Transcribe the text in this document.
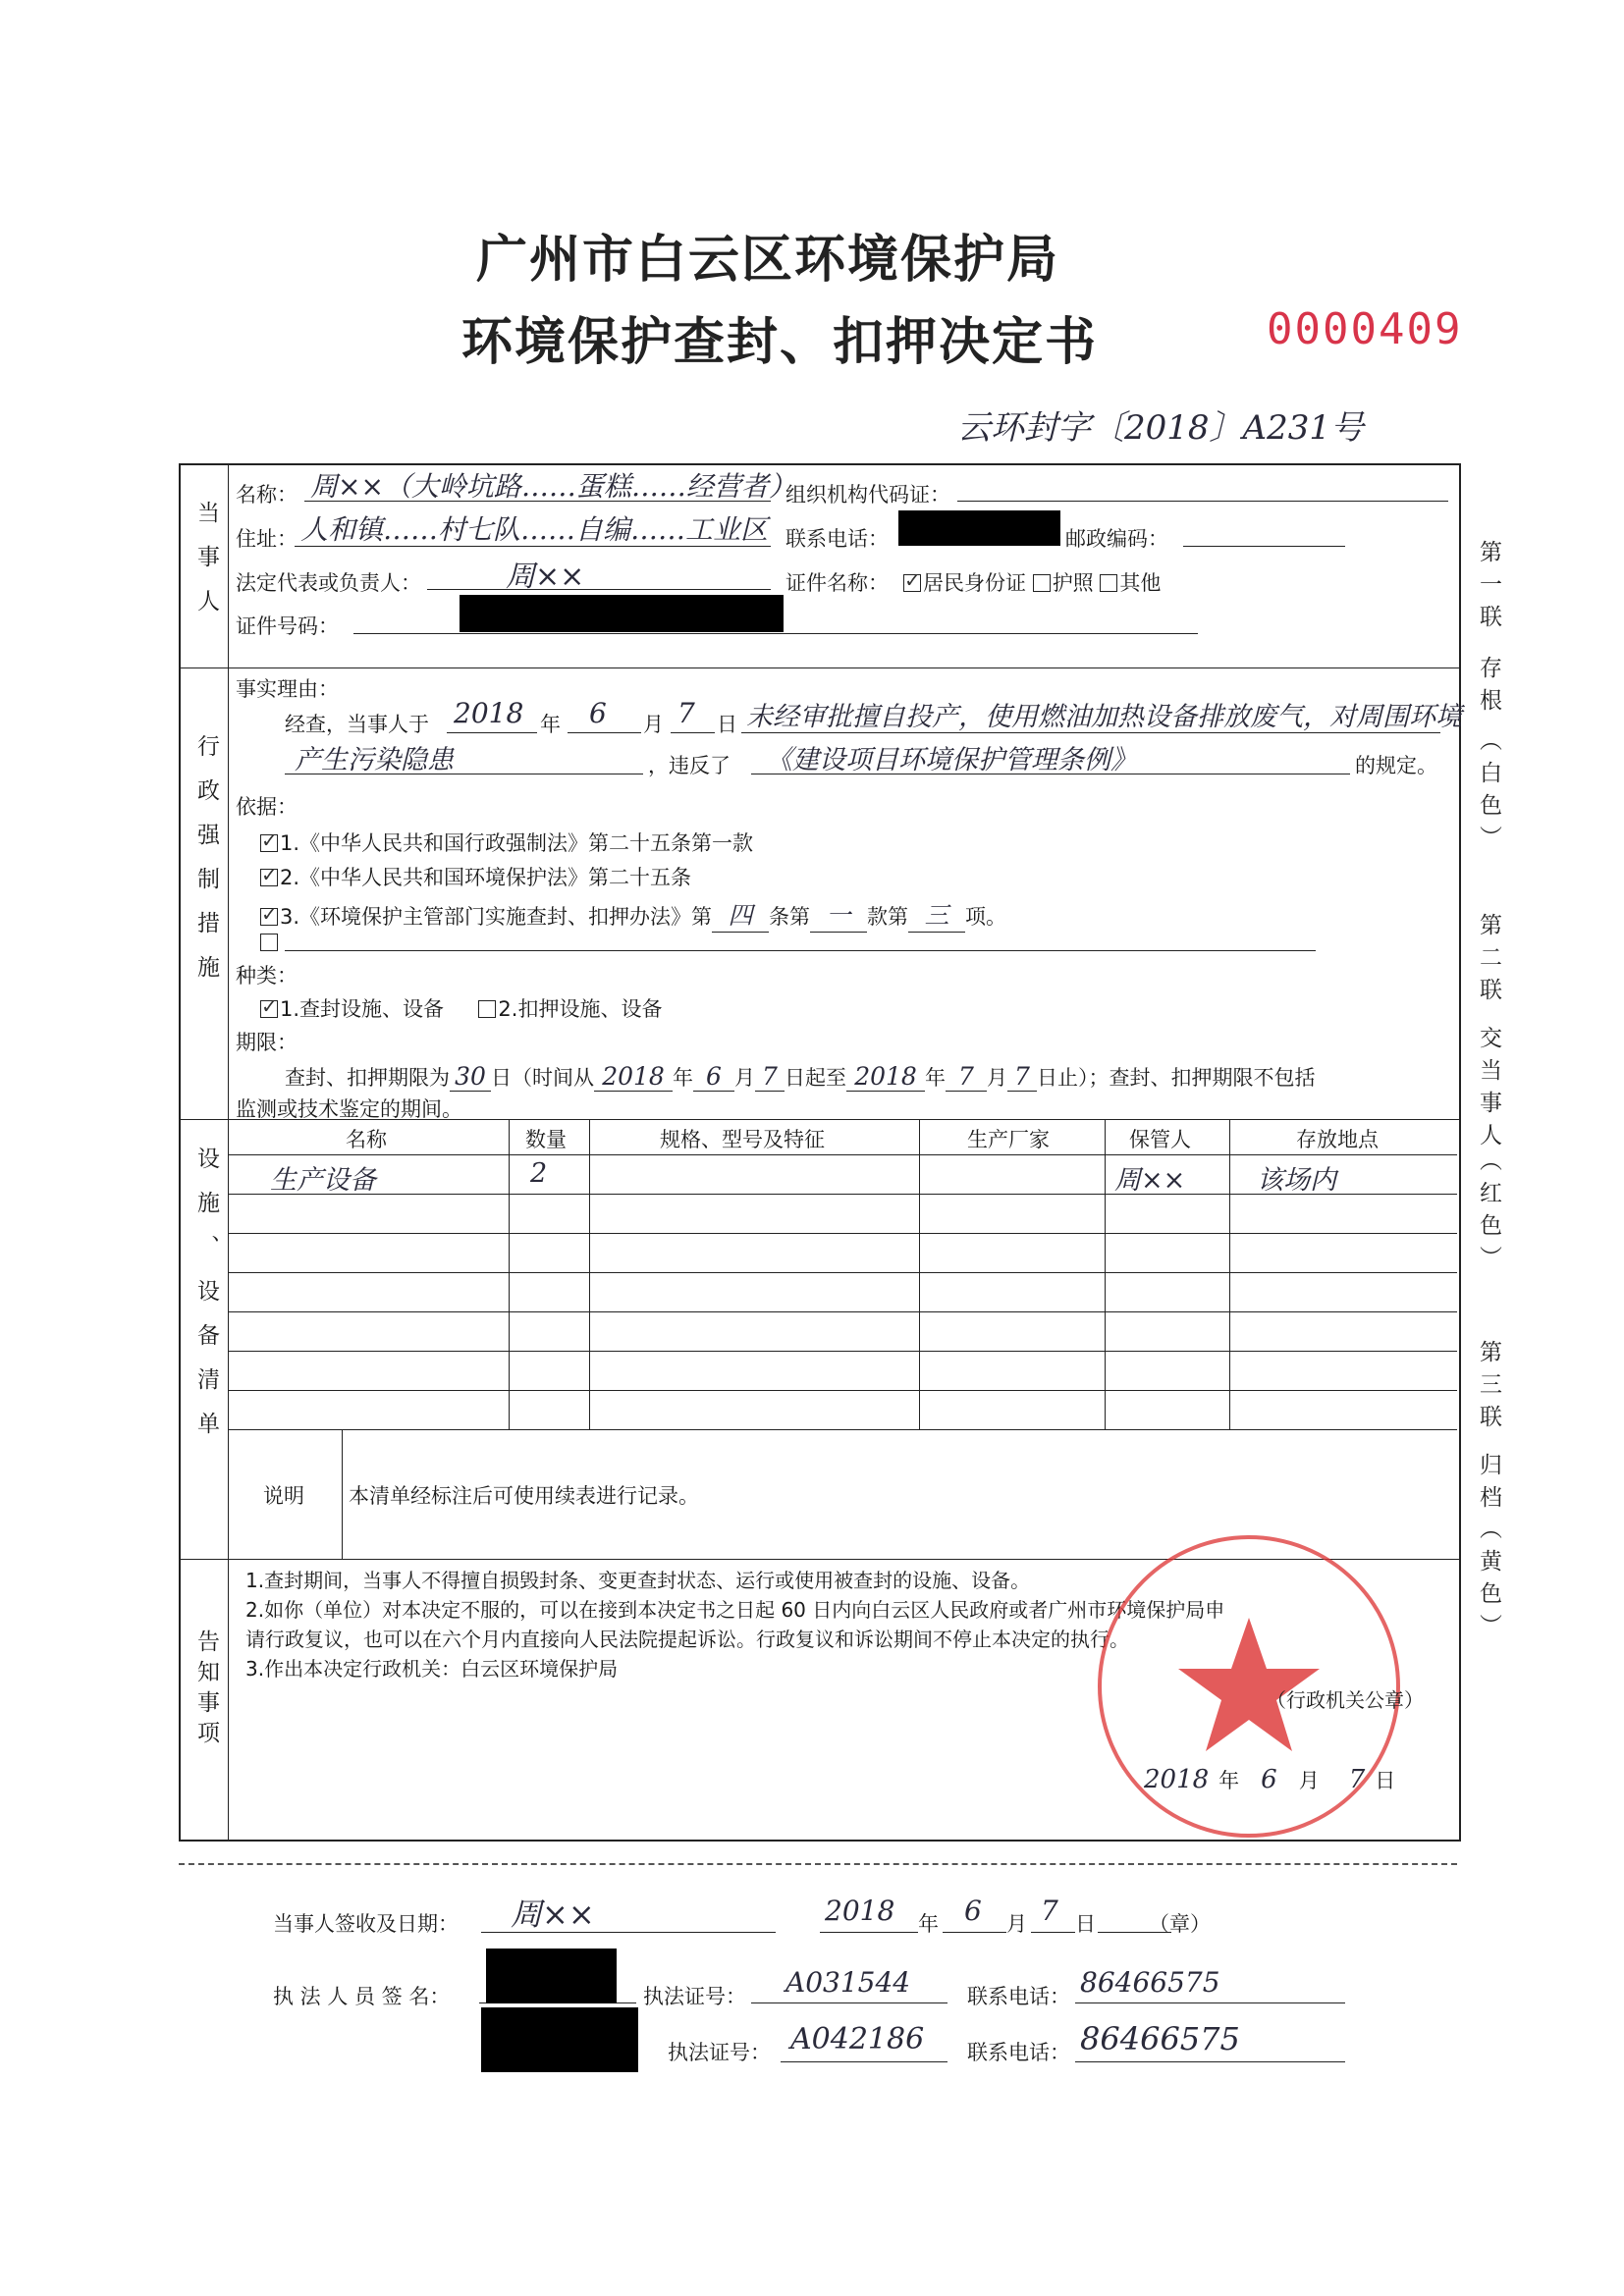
广州市白云区环境保护局
环境保护查封、扣押决定书	0000409
云环封字〔2018〕A231号
当事人
名称： 周××（大岭坑路……蛋糕……经营者）
组织机构代码证：
住址： 人和镇……村七队……自编……工业区 联系电话：	邮政编码：
法定代表或负责人：	周××	证件名称：
✓	居民身份证 护照 其他
证件号码：
行政强制措施
事实理由：
经查，当事人于 2018 年 6 月 7 日 未经审批擅自投产，使用燃油加热设备排放废气，对周围环境
产生污染隐患	，违反了 《建设项目环境保护管理条例》	的规定。
依据：
✓1.《中华人民共和国行政强制法》第二十五条第一款
✓2.《中华人民共和国环境保护法》第二十五条
✓3.《环境保护主管部门实施查封、扣押办法》第 四 条第 一 款第 三 项。
种类：
✓1.查封设施、设备	2.扣押设施、设备
期限：
查封、扣押期限为 30 日（时间从 2018 年 6 月 7 日起至 2018 年 7 月 7 日止）；查封、扣押期限不包括
监测或技术鉴定的期间。
设施、设备清单
名称	数量	规格、型号及特征	生产厂家	保管人	存放地点
生产设备	2	周××	该场内
说明 本清单经标注后可使用续表进行记录。
告知事项
1.查封期间，当事人不得擅自损毁封条、变更查封状态、运行或使用被查封的设施、设备。
2.如你（单位）对本决定不服的，可以在接到本决定书之日起 60 日内向白云区人民政府或者广州市环境保护局申
请行政复议，也可以在六个月内直接向人民法院提起诉讼。行政复议和诉讼期间不停止本决定的执行。
3.作出本决定行政机关：白云区环境保护局
（行政机关公章）
2018 年 6 月 7 日
当事人签收及日期： 周××	2018 年 6 月 7 日	（章）
执 法 人 员 签 名：	执法证号： A031544	联系电话： 86466575
执法证号： A042186 联系电话： 86466575
第一联
存根
（白色）
第二联
交当事人
（红色）
第三联
归档
（黄色）
